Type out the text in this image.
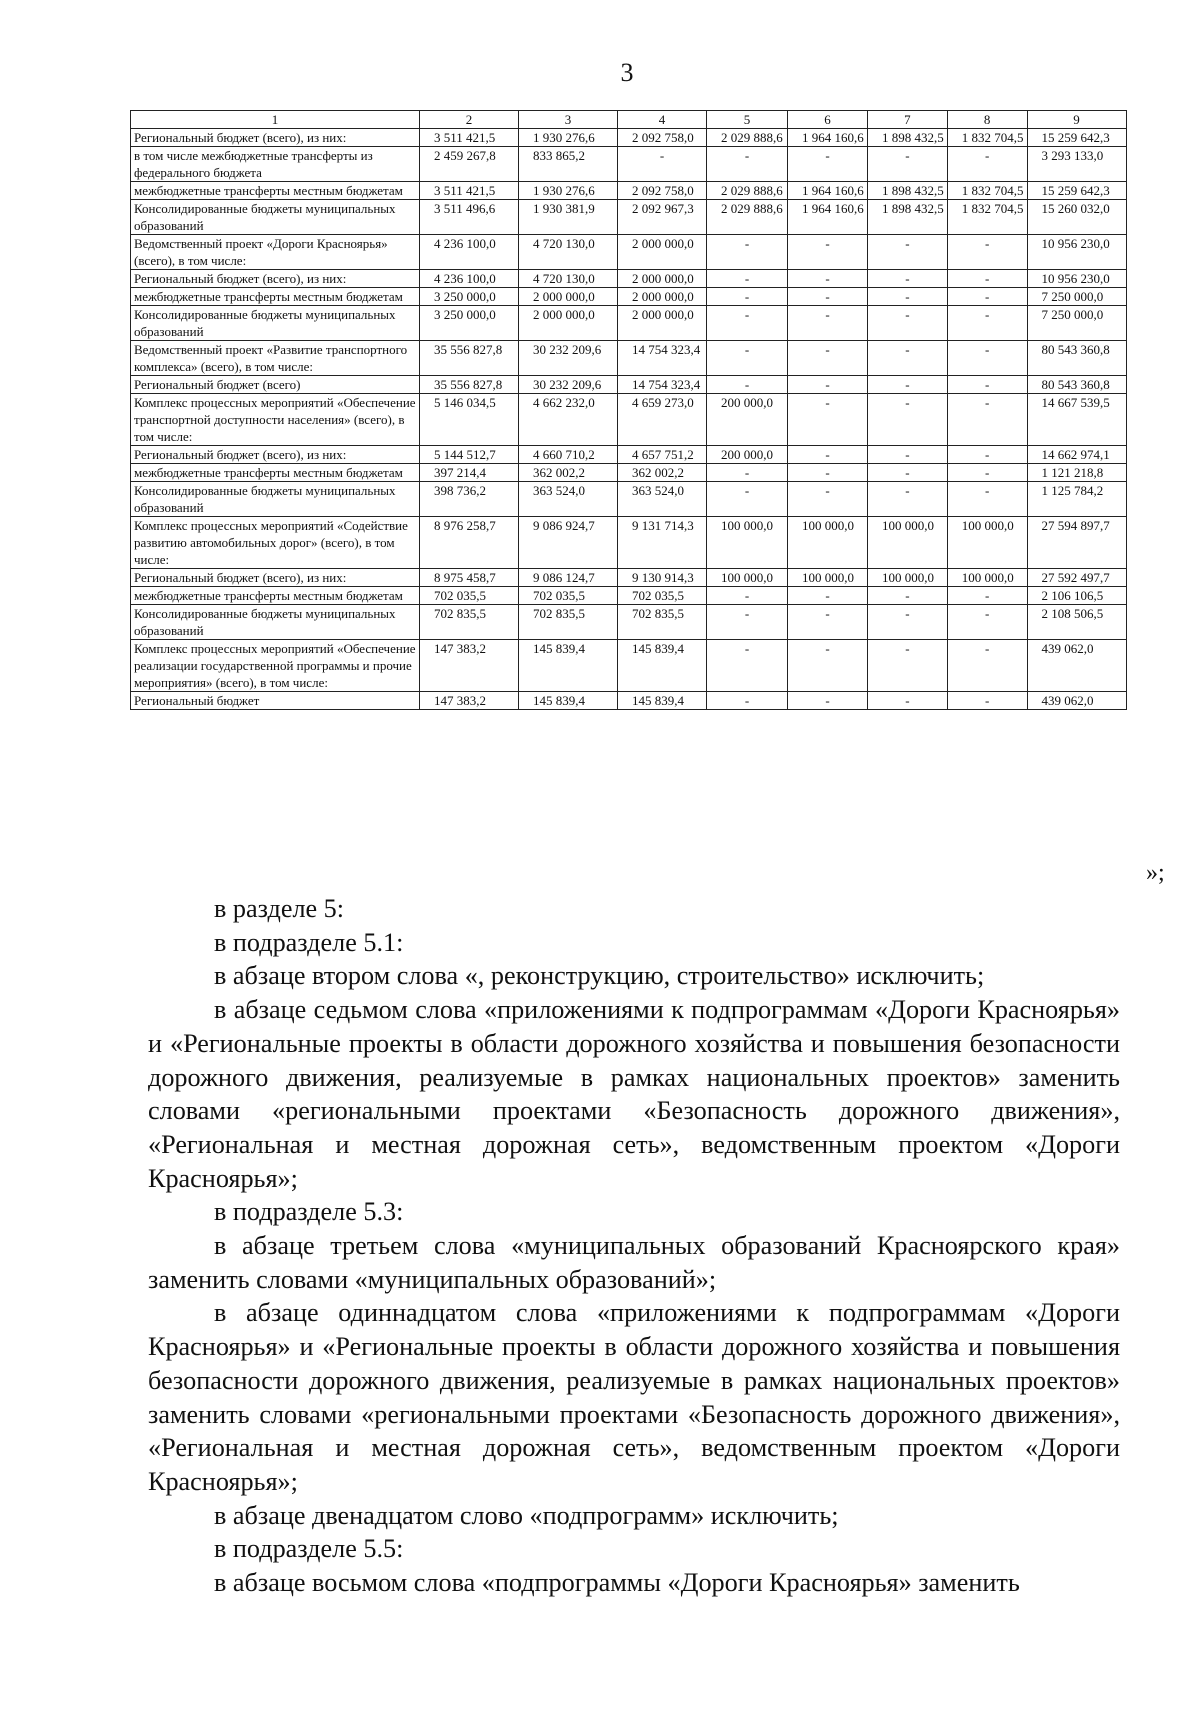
3
1	2	3	4	5	6	7	8	9
Региональный бюджет (всего), из них:	3 511 421,5	1 930 276,6	2 092 758,0	2 029 888,6	1 964 160,6	1 898 432,5	1 832 704,5	15 259 642,3
в том числе межбюджетные трансферты из федерального бюджета	2 459 267,8	833 865,2	-	-	-	-	-	3 293 133,0
межбюджетные трансферты местным бюджетам	3 511 421,5	1 930 276,6	2 092 758,0	2 029 888,6	1 964 160,6	1 898 432,5	1 832 704,5	15 259 642,3
Консолидированные бюджеты муниципальных образований	3 511 496,6	1 930 381,9	2 092 967,3	2 029 888,6	1 964 160,6	1 898 432,5	1 832 704,5	15 260 032,0
Ведомственный проект «Дороги Красноярья» (всего), в том числе:	4 236 100,0	4 720 130,0	2 000 000,0	-	-	-	-	10 956 230,0
Региональный бюджет (всего), из них:	4 236 100,0	4 720 130,0	2 000 000,0	-	-	-	-	10 956 230,0
межбюджетные трансферты местным бюджетам	3 250 000,0	2 000 000,0	2 000 000,0	-	-	-	-	7 250 000,0
Консолидированные бюджеты муниципальных образований	3 250 000,0	2 000 000,0	2 000 000,0	-	-	-	-	7 250 000,0
Ведомственный проект «Развитие транспортного комплекса» (всего), в том числе:	35 556 827,8	30 232 209,6	14 754 323,4	-	-	-	-	80 543 360,8
Региональный бюджет (всего)	35 556 827,8	30 232 209,6	14 754 323,4	-	-	-	-	80 543 360,8
Комплекс процессных мероприятий «Обеспечение транспортной доступности населения» (всего), в том числе:	5 146 034,5	4 662 232,0	4 659 273,0	200 000,0	-	-	-	14 667 539,5
Региональный бюджет (всего), из них:	5 144 512,7	4 660 710,2	4 657 751,2	200 000,0	-	-	-	14 662 974,1
межбюджетные трансферты местным бюджетам	397 214,4	362 002,2	362 002,2	-	-	-	-	1 121 218,8
Консолидированные бюджеты муниципальных образований	398 736,2	363 524,0	363 524,0	-	-	-	-	1 125 784,2
Комплекс процессных мероприятий «Содействие развитию автомобильных дорог» (всего), в том числе:	8 976 258,7	9 086 924,7	9 131 714,3	100 000,0	100 000,0	100 000,0	100 000,0	27 594 897,7
Региональный бюджет (всего), из них:	8 975 458,7	9 086 124,7	9 130 914,3	100 000,0	100 000,0	100 000,0	100 000,0	27 592 497,7
межбюджетные трансферты местным бюджетам	702 035,5	702 035,5	702 035,5	-	-	-	-	2 106 106,5
Консолидированные бюджеты муниципальных образований	702 835,5	702 835,5	702 835,5	-	-	-	-	2 108 506,5
Комплекс процессных мероприятий «Обеспечение реализации государственной программы и прочие мероприятия» (всего), в том числе:	147 383,2	145 839,4	145 839,4	-	-	-	-	439 062,0
Региональный бюджет	147 383,2	145 839,4	145 839,4	-	-	-	-	439 062,0
»;

в разделе 5:

в подразделе 5.1:

в абзаце втором слова «, реконструкцию, строительство» исключить;

в абзаце седьмом слова «приложениями к подпрограммам «Дороги Красноярья» и «Региональные проекты в области дорожного хозяйства и повышения безопасности дорожного движения, реализуемые в рамках национальных проектов» заменить словами «региональными проектами «Безопасность дорожного движения», «Региональная и местная дорожная сеть», ведомственным проектом «Дороги Красноярья»;

в подразделе 5.3:

в абзаце третьем слова «муниципальных образований Красноярского края» заменить словами «муниципальных образований»;

в абзаце одиннадцатом слова «приложениями к подпрограммам «Дороги Красноярья» и «Региональные проекты в области дорожного хозяйства и повышения безопасности дорожного движения, реализуемые в рамках национальных проектов» заменить словами «региональными проектами «Безопасность дорожного движения», «Региональная и местная дорожная сеть», ведомственным проектом «Дороги Красноярья»;

в абзаце двенадцатом слово «подпрограмм» исключить;

в подразделе 5.5:

в абзаце восьмом слова «подпрограммы «Дороги Красноярья» заменить
